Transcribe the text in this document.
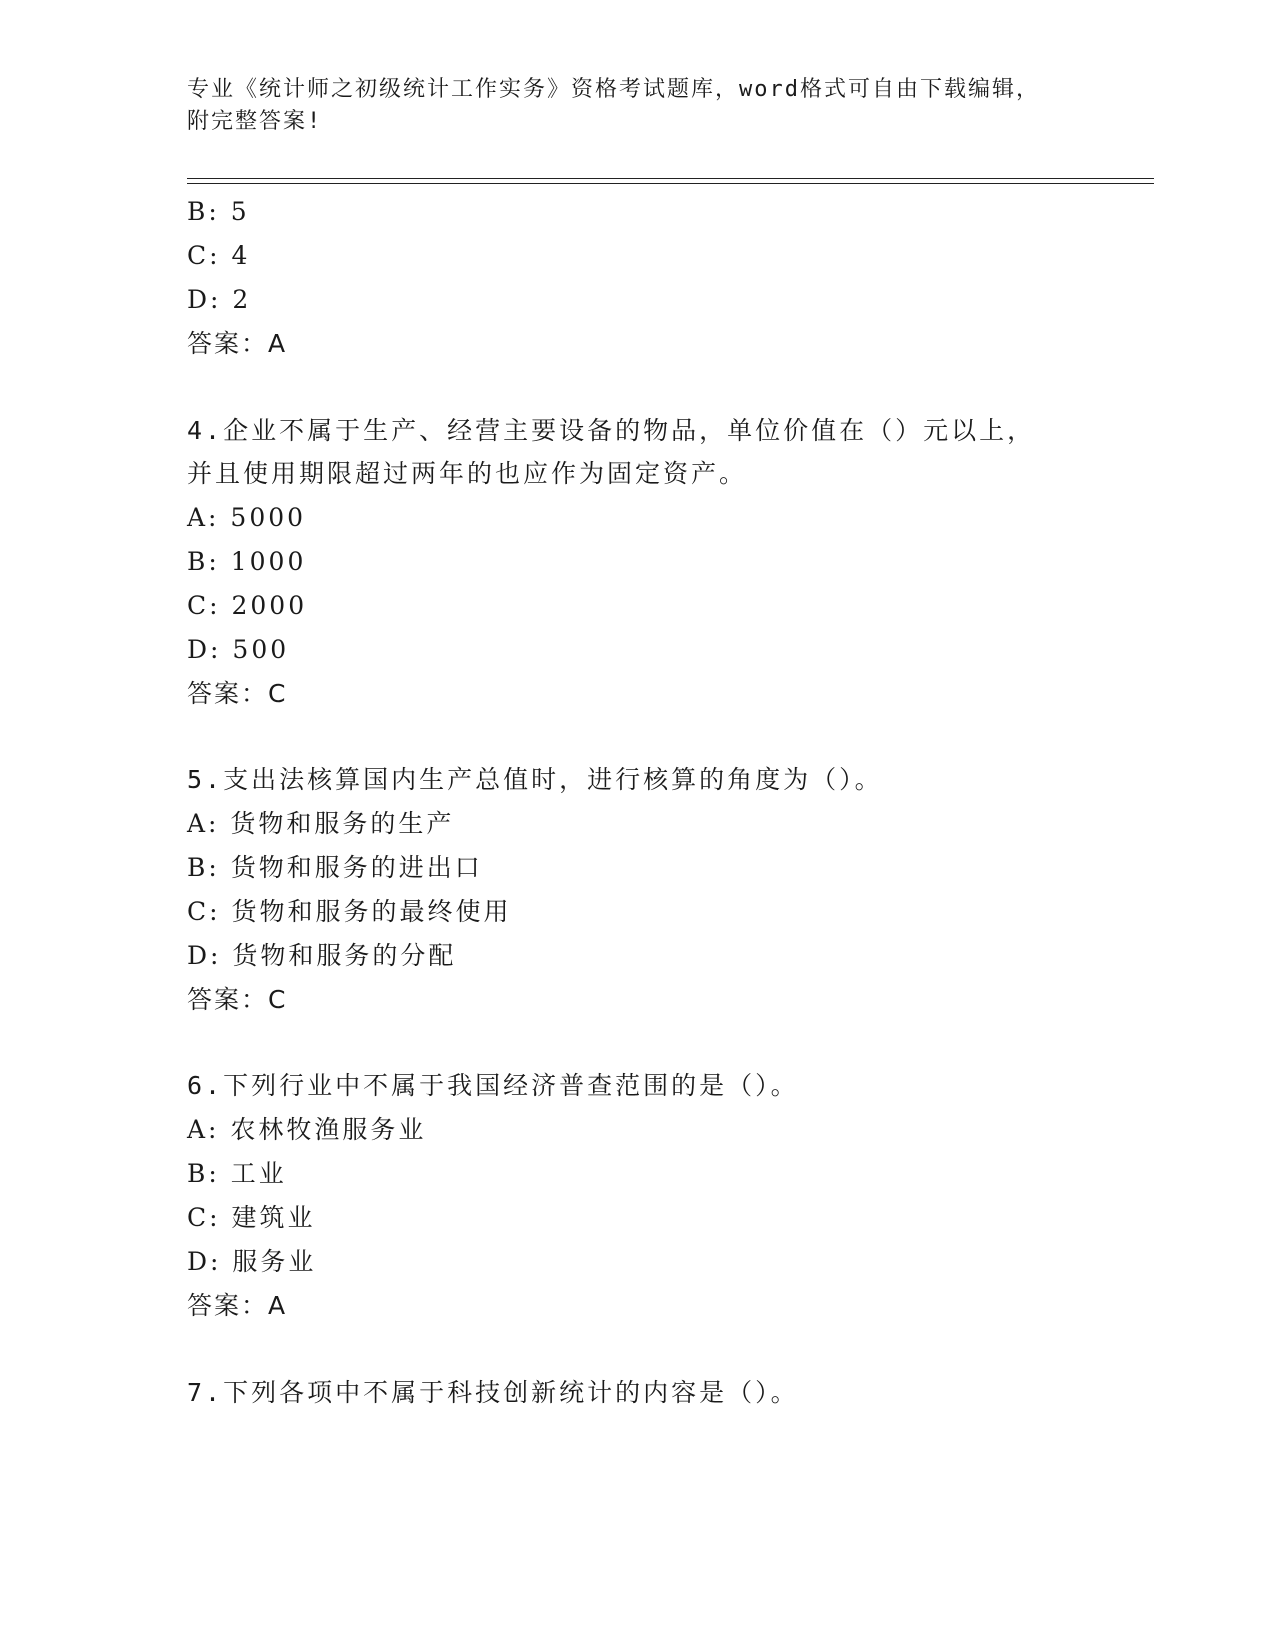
专业《统计师之初级统计工作实务》资格考试题库，word格式可自由下载编辑，
附完整答案!
B: 5
C: 4
D: 2
答案：A
4.企业不属于生产、经营主要设备的物品，单位价值在（）元以上，
并且使用期限超过两年的也应作为固定资产。
A: 5000
B: 1000
C: 2000
D: 500
答案：C
5.支出法核算国内生产总值时，进行核算的角度为（）。
A: 货物和服务的生产
B: 货物和服务的进出口
C: 货物和服务的最终使用
D: 货物和服务的分配
答案：C
6.下列行业中不属于我国经济普查范围的是（）。
A: 农林牧渔服务业
B: 工业
C: 建筑业
D: 服务业
答案：A
7.下列各项中不属于科技创新统计的内容是（）。
